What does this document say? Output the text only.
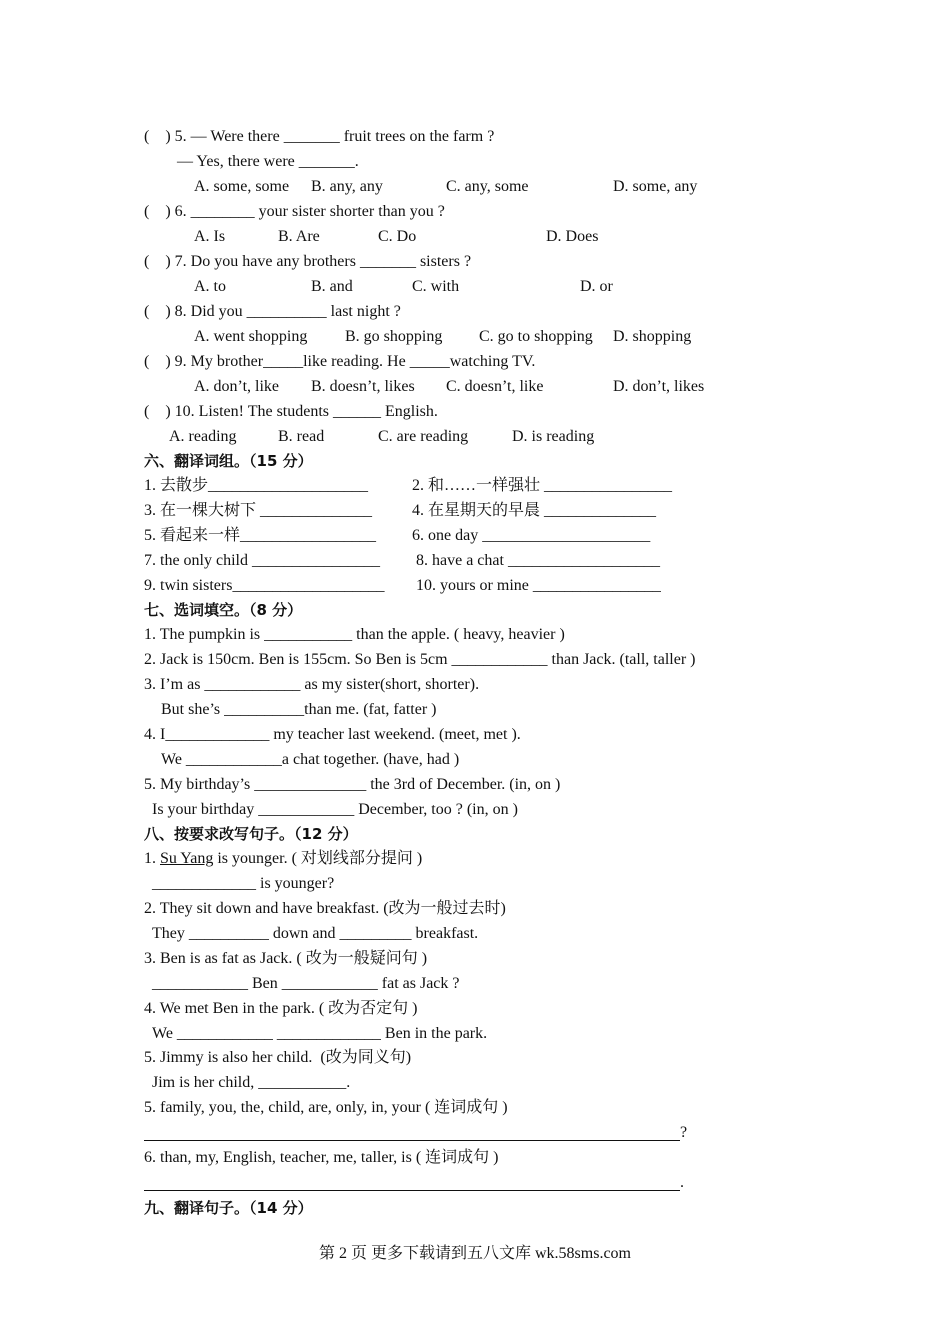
(    ) 5. — Were there _______ fruit trees on the farm ?
— Yes, there were _______.
A. some, some B. any, any	C. any, some	D. some, any
(    ) 6. ________ your sister shorter than you ?
A. Is	B. Are	C. Do	D. Does
(    ) 7. Do you have any brothers _______ sisters ?
A. to	B. and	C. with	D. or
(    ) 8. Did you __________ last night ?
A. went shopping B. go shopping C. go to shopping D. shopping
(    ) 9. My brother_____like reading. He _____watching TV.
A. don’t, like B. doesn’t, likes C. doesn’t, like	D. don’t, likes
(    ) 10. Listen! The students ______ English.
A. reading	B. read	C. are reading	D. is reading
六、翻译词组。（15 分）
1. 去散步____________________	2. 和……一样强壮 ________________
3. 在一棵大树下 ______________ 4. 在星期天的早晨 ______________
5. 看起来一样_________________ 6. one day _____________________
7. the only child ________________ 8. have a chat ___________________
9. twin sisters___________________ 10. yours or mine ________________
七、选词填空。（8 分）
1. The pumpkin is ___________ than the apple. ( heavy, heavier )
2. Jack is 150cm. Ben is 155cm. So Ben is 5cm ____________ than Jack. (tall, taller )
3. I’m as ____________ as my sister(short, shorter).
But she’s __________than me. (fat, fatter )
4. I_____________ my teacher last weekend. (meet, met ).
We ____________a chat together. (have, had )
5. My birthday’s ______________ the 3rd of December. (in, on )
Is your birthday ____________ December, too ? (in, on )
八、按要求改写句子。（12 分）
1. Su Yang is younger. ( 对划线部分提问 )
_____________ is younger?
2. They sit down and have breakfast. (改为一般过去时)
They __________ down and _________ breakfast.
3. Ben is as fat as Jack. ( 改为一般疑问句 )
____________ Ben ____________ fat as Jack ?
4. We met Ben in the park. ( 改为否定句 )
We ____________ _____________ Ben in the park.
5. Jimmy is also her child.  (改为同义句)
Jim is her child, ___________.
5. family, you, the, child, are, only, in, your ( 连词成句 )
?
6. than, my, English, teacher, me, taller, is ( 连词成句 )
.
九、翻译句子。（14 分）
第 2 页 更多下载请到五八文库 wk.58sms.com
